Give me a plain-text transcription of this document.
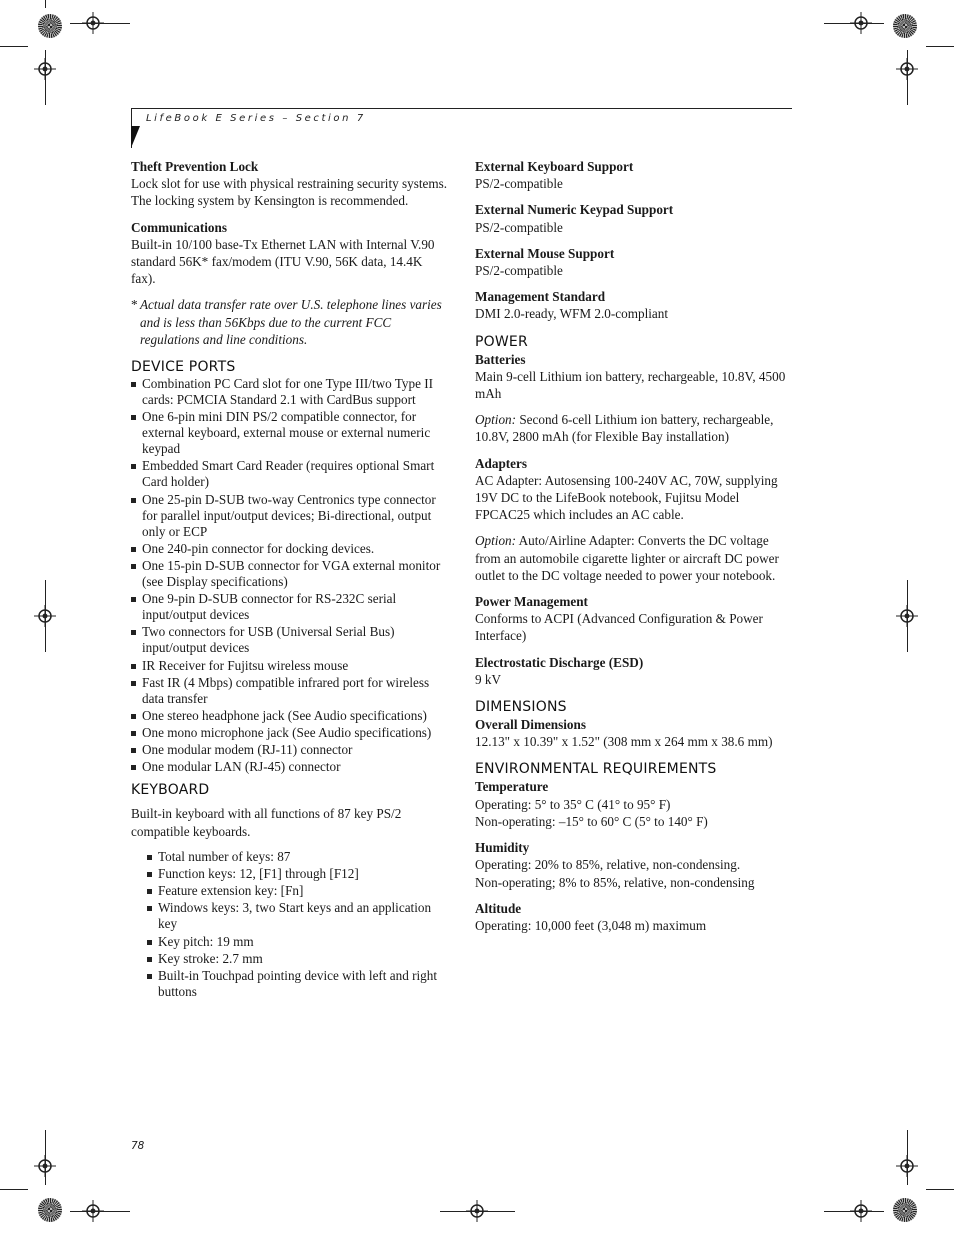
LifeBook E Series – Section 7

Theft Prevention Lock

Lock slot for use with physical restraining security systems. The locking system by Kensington is recommended.

Communications

Built-in 10/100 base-Tx Ethernet LAN with Internal V.90 standard 56K* fax/modem (ITU V.90, 56K data, 14.4K fax).

* Actual data transfer rate over U.S. telephone lines varies and is less than 56Kbps due to the current FCC regulations and line conditions.
DEVICE PORTS
Combination PC Card slot for one Type III/two Type II cards: PCMCIA Standard 2.1 with CardBus support
One 6-pin mini DIN PS/2 compatible connector, for external keyboard, external mouse or external numeric keypad
Embedded Smart Card Reader (requires optional Smart Card holder)
One 25-pin D-SUB two-way Centronics type connector for parallel input/output devices; Bi-directional, output only or ECP
One 240-pin connector for docking devices.
One 15-pin D-SUB connector for VGA external monitor (see Display specifications)
One 9-pin D-SUB connector for RS-232C serial input/output devices
Two connectors for USB (Universal Serial Bus) input/output devices
IR Receiver for Fujitsu wireless mouse
Fast IR (4 Mbps) compatible infrared port for wireless data transfer
One stereo headphone jack (See Audio specifications)
One mono microphone jack (See Audio specifications)
One modular modem (RJ-11) connector
One modular LAN (RJ-45) connector
KEYBOARD

Built-in keyboard with all functions of 87 key PS/2 compatible keyboards.

Total number of keys: 87
Function keys: 12, [F1] through [F12]
Feature extension key: [Fn]
Windows keys: 3, two Start keys and an application key
Key pitch: 19 mm
Key stroke: 2.7 mm
Built-in Touchpad pointing device with left and right buttons

External Keyboard Support

PS/2-compatible

External Numeric Keypad Support

PS/2-compatible

External Mouse Support

PS/2-compatible

Management Standard

DMI 2.0-ready, WFM 2.0-compliant

POWER

Batteries

Main 9-cell Lithium ion battery, rechargeable, 10.8V, 4500 mAh

Option: Second 6-cell Lithium ion battery, rechargeable, 10.8V, 2800 mAh (for Flexible Bay installation)

Adapters

AC Adapter: Autosensing 100-240V AC, 70W, supplying 19V DC to the LifeBook notebook, Fujitsu Model FPCAC25 which includes an AC cable.

Option: Auto/Airline Adapter: Converts the DC voltage from an automobile cigarette lighter or aircraft DC power outlet to the DC voltage needed to power your notebook.

Power Management

Conforms to ACPI (Advanced Configuration & Power Interface)

Electrostatic Discharge (ESD)

9 kV

DIMENSIONS

Overall Dimensions

12.13" x 10.39" x 1.52" (308 mm x 264 mm x 38.6 mm)

ENVIRONMENTAL REQUIREMENTS

Temperature

Operating: 5° to 35° C (41° to 95° F)

Non-operating: –15° to 60° C (5° to 140° F)

Humidity

Operating: 20% to 85%, relative, non-condensing.

Non-operating; 8% to 85%, relative, non-condensing

Altitude

Operating: 10,000 feet (3,048 m) maximum

78
